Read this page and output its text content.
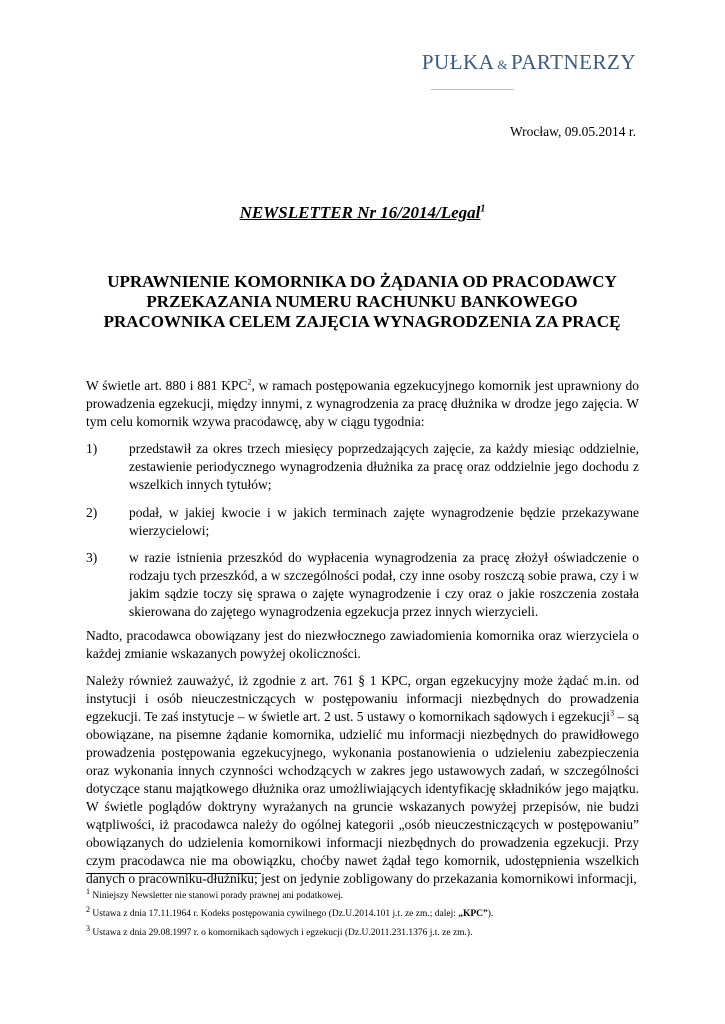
PUŁKA & PARTNERZY
Wrocław, 09.05.2014 r.
NEWSLETTER Nr 16/2014/Legal$^1$
UPRAWNIENIE KOMORNIKA DO ŻĄDANIA OD PRACODAWCY
PRZEKAZANIA NUMERU RACHUNKU BANKOWEGO
PRACOWNIKA CELEM ZAJĘCIA WYNAGRODZENIA ZA PRACĘ
W świetle art. 880 i 881 KPC$^2$, w ramach postępowania egzekucyjnego komornik jest uprawniony do prowadzenia egzekucji, między innymi, z wynagrodzenia za pracę dłużnika w drodze jego zajęcia. W tym celu komornik wzywa pracodawcę, aby w ciągu tygodnia:
1) przedstawił za okres trzech miesięcy poprzedzających zajęcie, za każdy miesiąc oddzielnie, zestawienie periodycznego wynagrodzenia dłużnika za pracę oraz oddzielnie jego dochodu z wszelkich innych tytułów;
2) podał, w jakiej kwocie i w jakich terminach zajęte wynagrodzenie będzie przekazywane wierzycielowi;
3) w razie istnienia przeszkód do wypłacenia wynagrodzenia za pracę złożył oświadczenie o rodzaju tych przeszkód, a w szczególności podał, czy inne osoby roszczą sobie prawa, czy i w jakim sądzie toczy się sprawa o zajęte wynagrodzenie i czy oraz o jakie roszczenia została skierowana do zajętego wynagrodzenia egzekucja przez innych wierzycieli.
Nadto, pracodawca obowiązany jest do niezwłocznego zawiadomienia komornika oraz wierzyciela o każdej zmianie wskazanych powyżej okoliczności.
Należy również zauważyć, iż zgodnie z art. 761 § 1 KPC, organ egzekucyjny może żądać m.in. od instytucji i osób nieuczestniczących w postępowaniu informacji niezbędnych do prowadzenia egzekucji. Te zaś instytucje – w świetle art. 2 ust. 5 ustawy o komornikach sądowych i egzekucji$^3$ – są obowiązane, na pisemne żądanie komornika, udzielić mu informacji niezbędnych do prawidłowego prowadzenia postępowania egzekucyjnego, wykonania postanowienia o udzieleniu zabezpieczenia oraz wykonania innych czynności wchodzących w zakres jego ustawowych zadań, w szczególności dotyczące stanu majątkowego dłużnika oraz umożliwiających identyfikację składników jego majątku. W świetle poglądów doktryny wyrażanych na gruncie wskazanych powyżej przepisów, nie budzi wątpliwości, iż pracodawca należy do ogólnej kategorii „osób nieuczestniczących w postępowaniu” obowiązanych do udzielenia komornikowi informacji niezbędnych do prowadzenia egzekucji. Przy czym pracodawca nie ma obowiązku, choćby nawet żądał tego komornik, udostępnienia wszelkich danych o pracowniku-dłużniku; jest on jedynie zobligowany do przekazania komornikowi informacji,
$^1$ Niniejszy Newsletter nie stanowi porady prawnej ani podatkowej.
$^2$ Ustawa z dnia 17.11.1964 r. Kodeks postępowania cywilnego (Dz.U.2014.101 j.t. ze zm.; dalej: „KPC”).
$^3$ Ustawa z dnia 29.08.1997 r. o komornikach sądowych i egzekucji (Dz.U.2011.231.1376 j.t. ze zm.).
